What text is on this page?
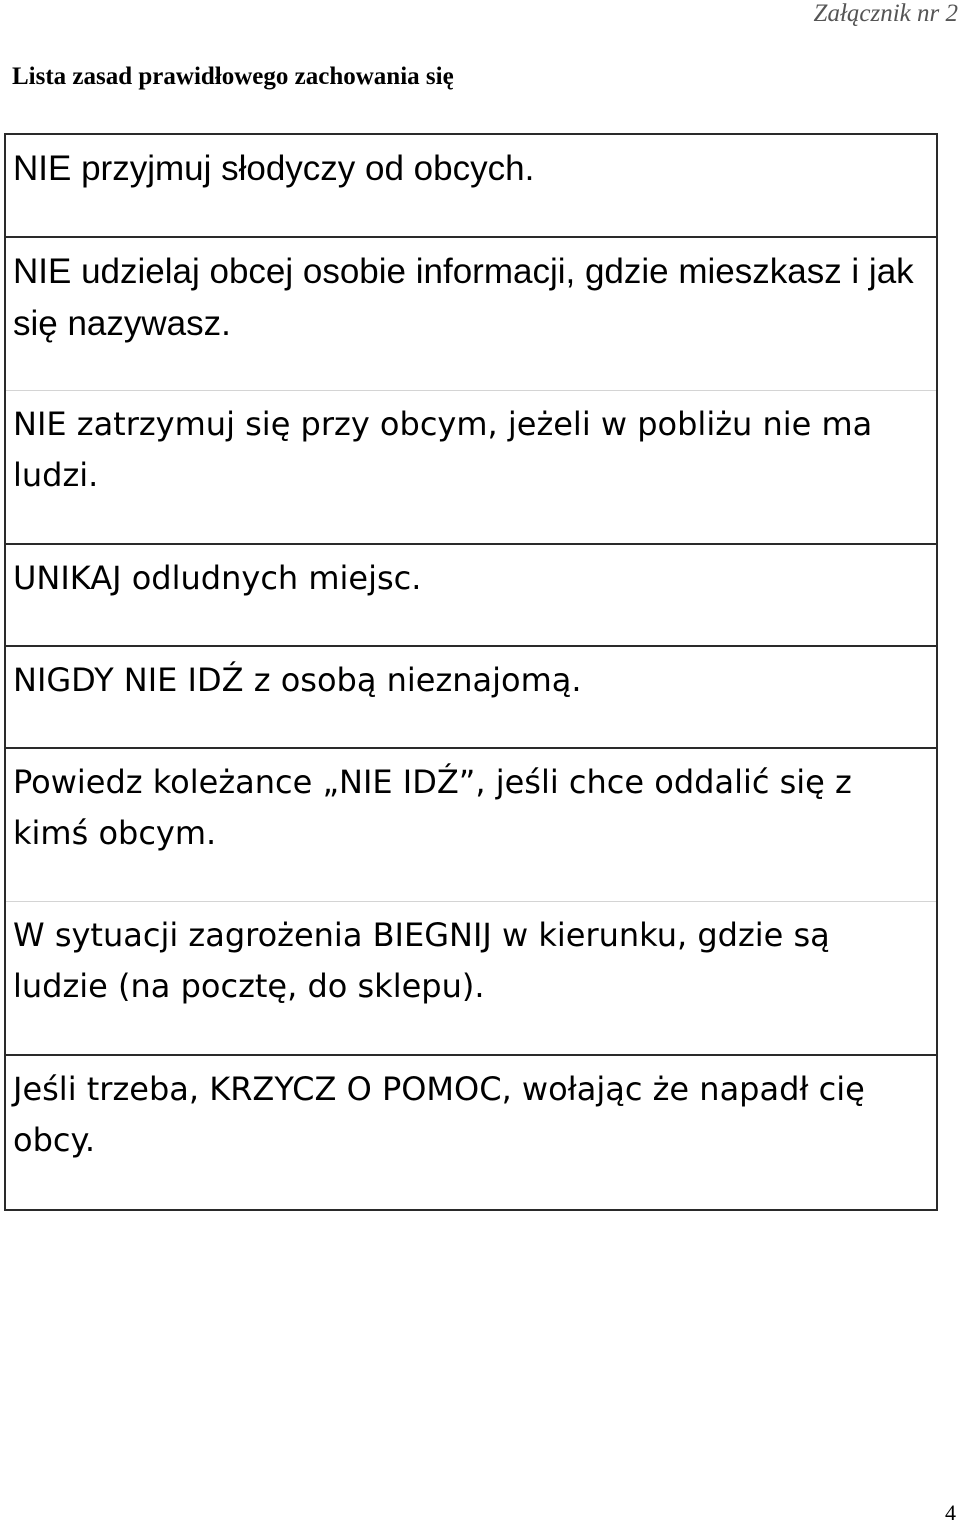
Załącznik nr 2
Lista zasad prawidłowego zachowania się
NIE przyjmuj słodyczy od obcych.
NIE udzielaj obcej osobie informacji, gdzie mieszkasz i jak się nazywasz.
NIE zatrzymuj się przy obcym, jeżeli w pobliżu nie ma ludzi.
UNIKAJ odludnych miejsc.
NIGDY NIE IDŹ z osobą nieznajomą.
Powiedz koleżance „NIE IDŹ”, jeśli chce oddalić się z kimś obcym.
W sytuacji zagrożenia BIEGNIJ w kierunku, gdzie są ludzie (na pocztę, do sklepu).
Jeśli trzeba, KRZYCZ O POMOC, wołając że napadł cię obcy.
4
